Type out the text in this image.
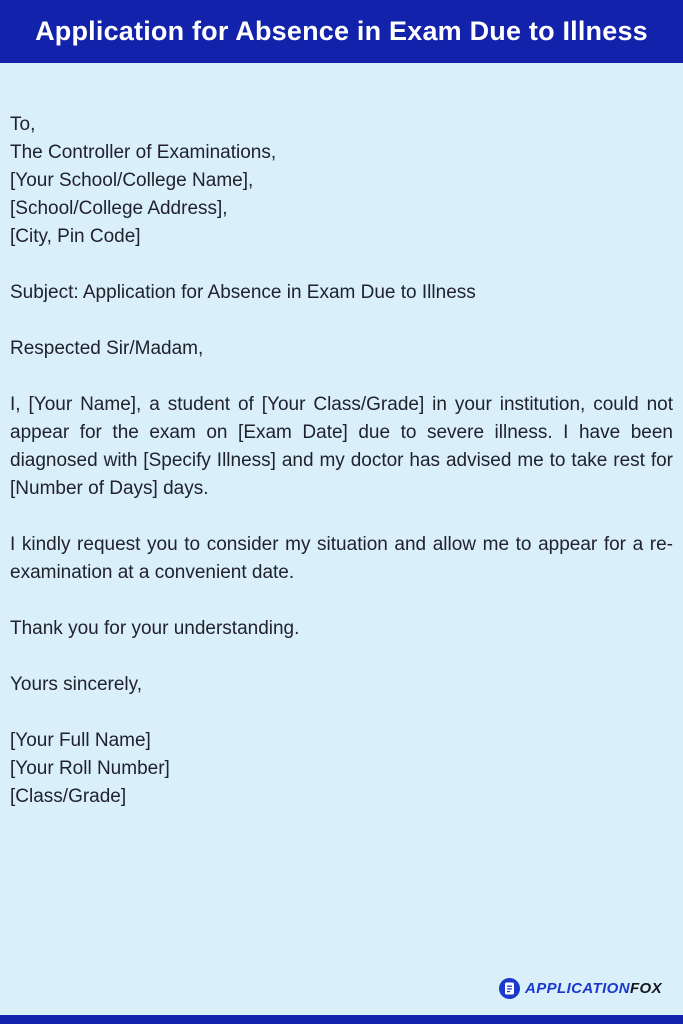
Application for Absence in Exam Due to Illness

To,

The Controller of Examinations,

[Your School/College Name],

[School/College Address],

[City, Pin Code]

Subject: Application for Absence in Exam Due to Illness

Respected Sir/Madam,

I, [Your Name], a student of [Your Class/Grade] in your institution, could not appear for the exam on [Exam Date] due to severe illness. I have been diagnosed with [Specify Illness] and my doctor has advised me to take rest for [Number of Days] days.

I kindly request you to consider my situation and allow me to appear for a re-examination at a convenient date.

Thank you for your understanding.

Yours sincerely,

[Your Full Name]

[Your Roll Number]

[Class/Grade]

APPLICATIONFOX
